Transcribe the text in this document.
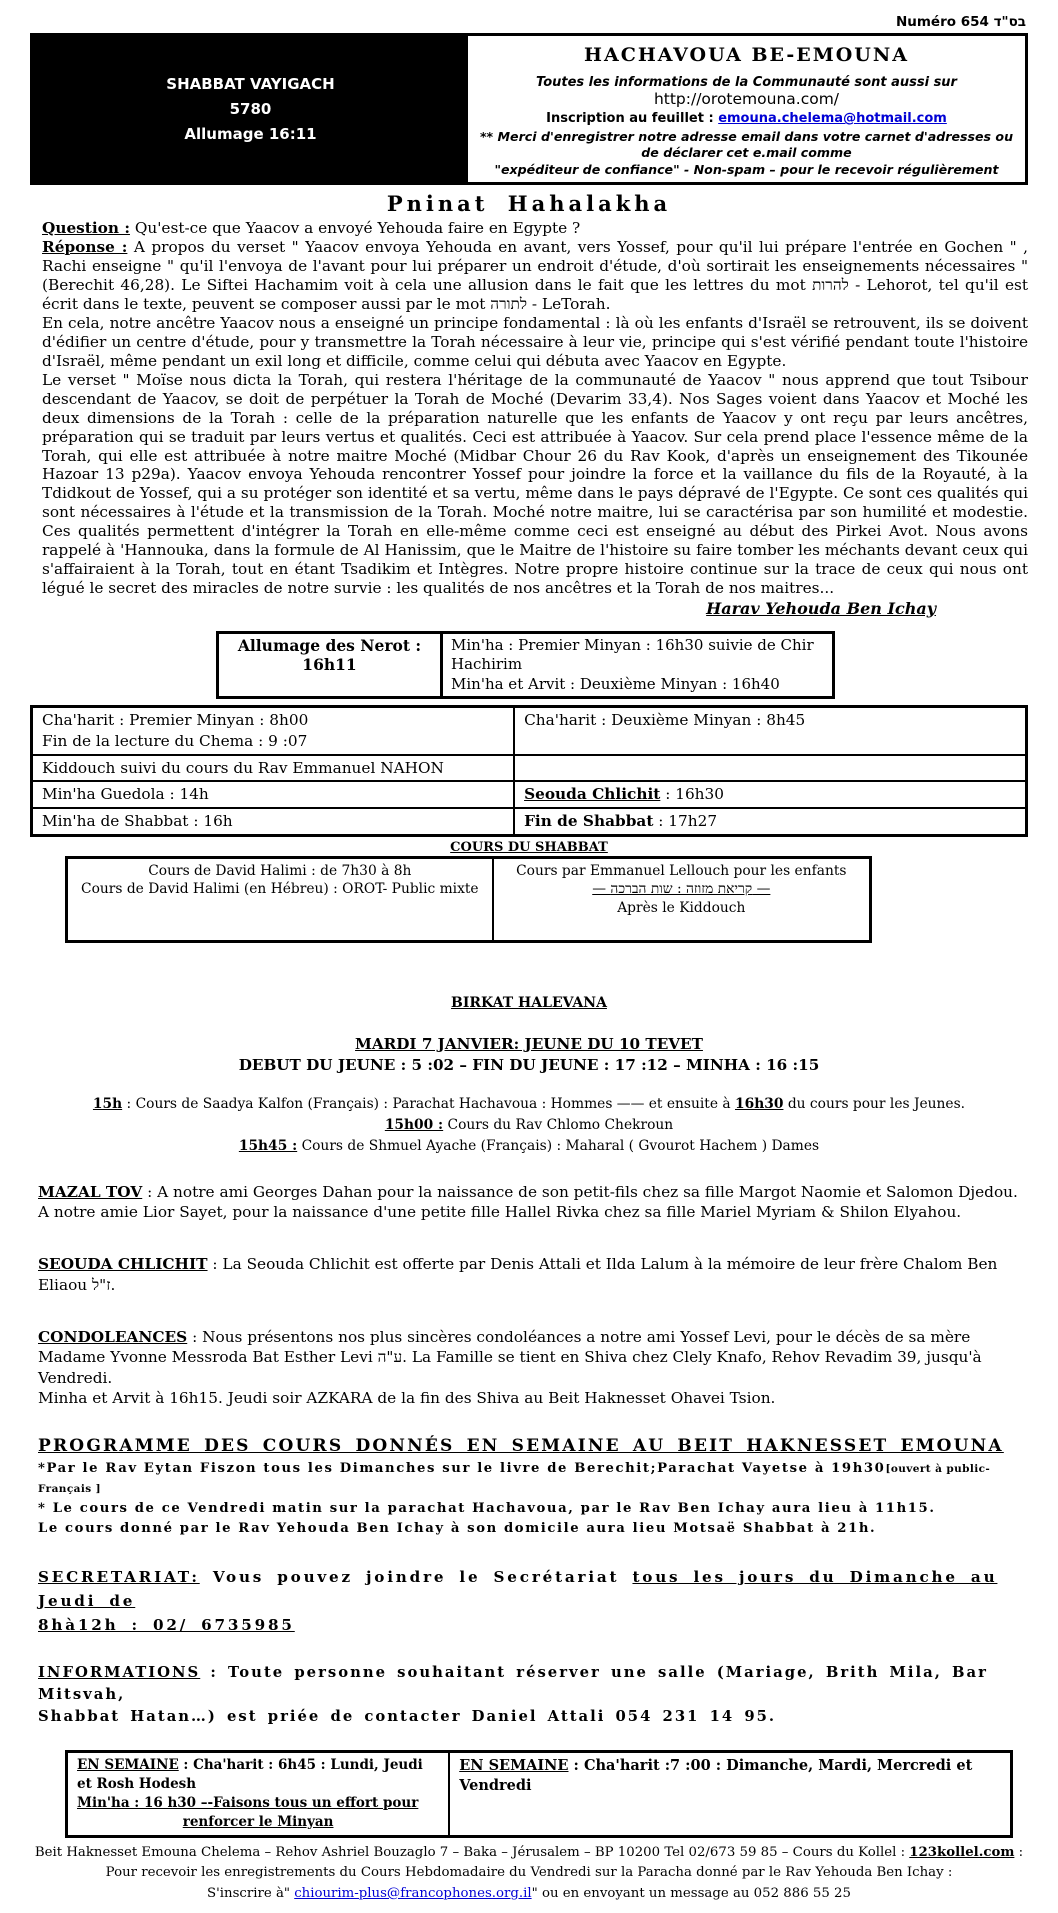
Numéro 654 בס"ד
SHABBAT VAYIGACH
5780
Allumage 16:11
HACHAVOUA BE-EMOUNA
Toutes les informations de la Communauté sont aussi sur http://orotemouna.com/
Inscription au feuillet : emouna.chelema@hotmail.com
** Merci d'enregistrer notre adresse email dans votre carnet d'adresses ou de déclarer cet e.mail comme
"expéditeur de confiance" - Non-spam – pour le recevoir régulièrement
Pninat Hahalakha

Question : Qu'est-ce que Yaacov a envoyé Yehouda faire en Egypte ?

Réponse : A propos du verset " Yaacov envoya Yehouda en avant, vers Yossef, pour qu'il lui prépare l'entrée en Gochen " , Rachi enseigne " qu'il l'envoya de l'avant pour lui préparer un endroit d'étude, d'où sortirait les enseignements nécessaires " (Berechit 46,28). Le Siftei Hachamim voit à cela une allusion dans le fait que les lettres du mot להרות - Lehorot, tel qu'il est écrit dans le texte, peuvent se composer aussi par le mot לתורה - LeTorah.

En cela, notre ancêtre Yaacov nous a enseigné un principe fondamental : là où les enfants d'Israël se retrouvent, ils se doivent d'édifier un centre d'étude, pour y transmettre la Torah nécessaire à leur vie, principe qui s'est vérifié pendant toute l'histoire d'Israël, même pendant un exil long et difficile, comme celui qui débuta avec Yaacov en Egypte.

Le verset " Moïse nous dicta la Torah, qui restera l'héritage de la communauté de Yaacov " nous apprend que tout Tsibour descendant de Yaacov, se doit de perpétuer la Torah de Moché (Devarim 33,4). Nos Sages voient dans Yaacov et Moché les deux dimensions de la Torah : celle de la préparation naturelle que les enfants de Yaacov y ont reçu par leurs ancêtres, préparation qui se traduit par leurs vertus et qualités. Ceci est attribuée à Yaacov. Sur cela prend place l'essence même de la Torah, qui elle est attribuée à notre maitre Moché (Midbar Chour 26 du Rav Kook, d'après un enseignement des Tikounée Hazoar 13 p29a). Yaacov envoya Yehouda rencontrer Yossef pour joindre la force et la vaillance du fils de la Royauté, à la Tdidkout de Yossef, qui a su protéger son identité et sa vertu, même dans le pays dépravé de l'Egypte. Ce sont ces qualités qui sont nécessaires à l'étude et la transmission de la Torah. Moché notre maitre, lui se caractérisa par son humilité et modestie. Ces qualités permettent d'intégrer la Torah en elle-même comme ceci est enseigné au début des Pirkei Avot. Nous avons rappelé à 'Hannouka, dans la formule de Al Hanissim, que le Maitre de l'histoire su faire tomber les méchants devant ceux qui s'affairaient à la Torah, tout en étant Tsadikim et Intègres. Notre propre histoire continue sur la trace de ceux qui nous ont légué le secret des miracles de notre survie : les qualités de nos ancêtres et la Torah de nos maitres...

Harav Yehouda Ben Ichay
Allumage des Nerot : 16h11	
Min'ha : Premier Minyan : 16h30 suivie de Chir Hachirim
Min'ha et Arvit : Deuxième Minyan : 16h40
Cha'harit : Premier Minyan : 8h00
Fin de la lecture du Chema : 9 :07	Cha'harit : Deuxième Minyan : 8h45
Kiddouch suivi du cours du Rav Emmanuel NAHON	
Min'ha Guedola : 14h	Seouda Chlichit : 16h30
Min'ha de Shabbat : 16h	Fin de Shabbat : 17h27
COURS DU SHABBAT
Cours de David Halimi : de 7h30 à 8h
Cours de David Halimi (en Hébreu) : OROT- Public mixte

Cours par Emmanuel Lellouch pour les enfants
— קריאת מזוזה : שות הברכה —
Après le Kiddouch
BIRKAT HALEVANA
MARDI 7 JANVIER: JEUNE DU 10 TEVET
DEBUT DU JEUNE : 5 :02 – FIN DU JEUNE : 17 :12 – MINHA : 16 :15
15h : Cours de Saadya Kalfon (Français) : Parachat Hachavoua : Hommes —— et ensuite à 16h30 du cours pour les Jeunes.
15h00 : Cours du Rav Chlomo Chekroun
15h45 : Cours de Shmuel Ayache (Français) : Maharal ( Gvourot Hachem ) Dames

MAZAL TOV : A notre ami Georges Dahan pour la naissance de son petit-fils chez sa fille Margot Naomie et Salomon Djedou.

A notre amie Lior Sayet, pour la naissance d'une petite fille Hallel Rivka chez sa fille Mariel Myriam & Shilon Elyahou.

SEOUDA CHLICHIT : La Seouda Chlichit est offerte par Denis Attali et Ilda Lalum à la mémoire de leur frère Chalom Ben Eliaou ז"ל.

CONDOLEANCES : Nous présentons nos plus sincères condoléances a notre ami Yossef Levi, pour le décès de sa mère

Madame Yvonne Messroda Bat Esther Levi ע"ה. La Famille se tient en Shiva chez Clely Knafo, Rehov Revadim 39, jusqu'à Vendredi.

Minha et Arvit à 16h15. Jeudi soir AZKARA de la fin des Shiva au Beit Haknesset Ohavei Tsion.

PROGRAMME DES COURS DONNÉS EN SEMAINE AU BEIT HAKNESSET EMOUNA
*Par le Rav Eytan Fiszon tous les Dimanches sur le livre de Berechit;Parachat Vayetse à 19h30[ouvert à public- Français ]
* Le cours de ce Vendredi matin sur la parachat Hachavoua, par le Rav Ben Ichay aura lieu à 11h15.
Le cours donné par le Rav Yehouda Ben Ichay à son domicile aura lieu Motsaë Shabbat à 21h.
SECRETARIAT: Vous pouvez joindre le Secrétariat tous les jours du Dimanche au Jeudi de
8hà12h : 02/ 6735985
INFORMATIONS : Toute personne souhaitant réserver une salle (Mariage, Brith Mila, Bar Mitsvah,
Shabbat Hatan…) est priée de contacter Daniel Attali 054 231 14 95.
EN SEMAINE : Cha'harit : 6h45 : Lundi, Jeudi
et Rosh Hodesh
Min'ha : 16 h30 –-Faisons tous un effort pour
renforcer le Minyan
	EN SEMAINE : Cha'harit :7 :00 : Dimanche, Mardi, Mercredi et Vendredi
Beit Haknesset Emouna Chelema – Rehov Ashriel Bouzaglo 7 – Baka – Jérusalem – BP 10200 Tel 02/673 59 85 – Cours du Kollel : 123kollel.com :
Pour recevoir les enregistrements du Cours Hebdomadaire du Vendredi sur la Paracha donné par le Rav Yehouda Ben Ichay :
S'inscrire à" chiourim-plus@francophones.org.il" ou en envoyant un message au 052 886 55 25
